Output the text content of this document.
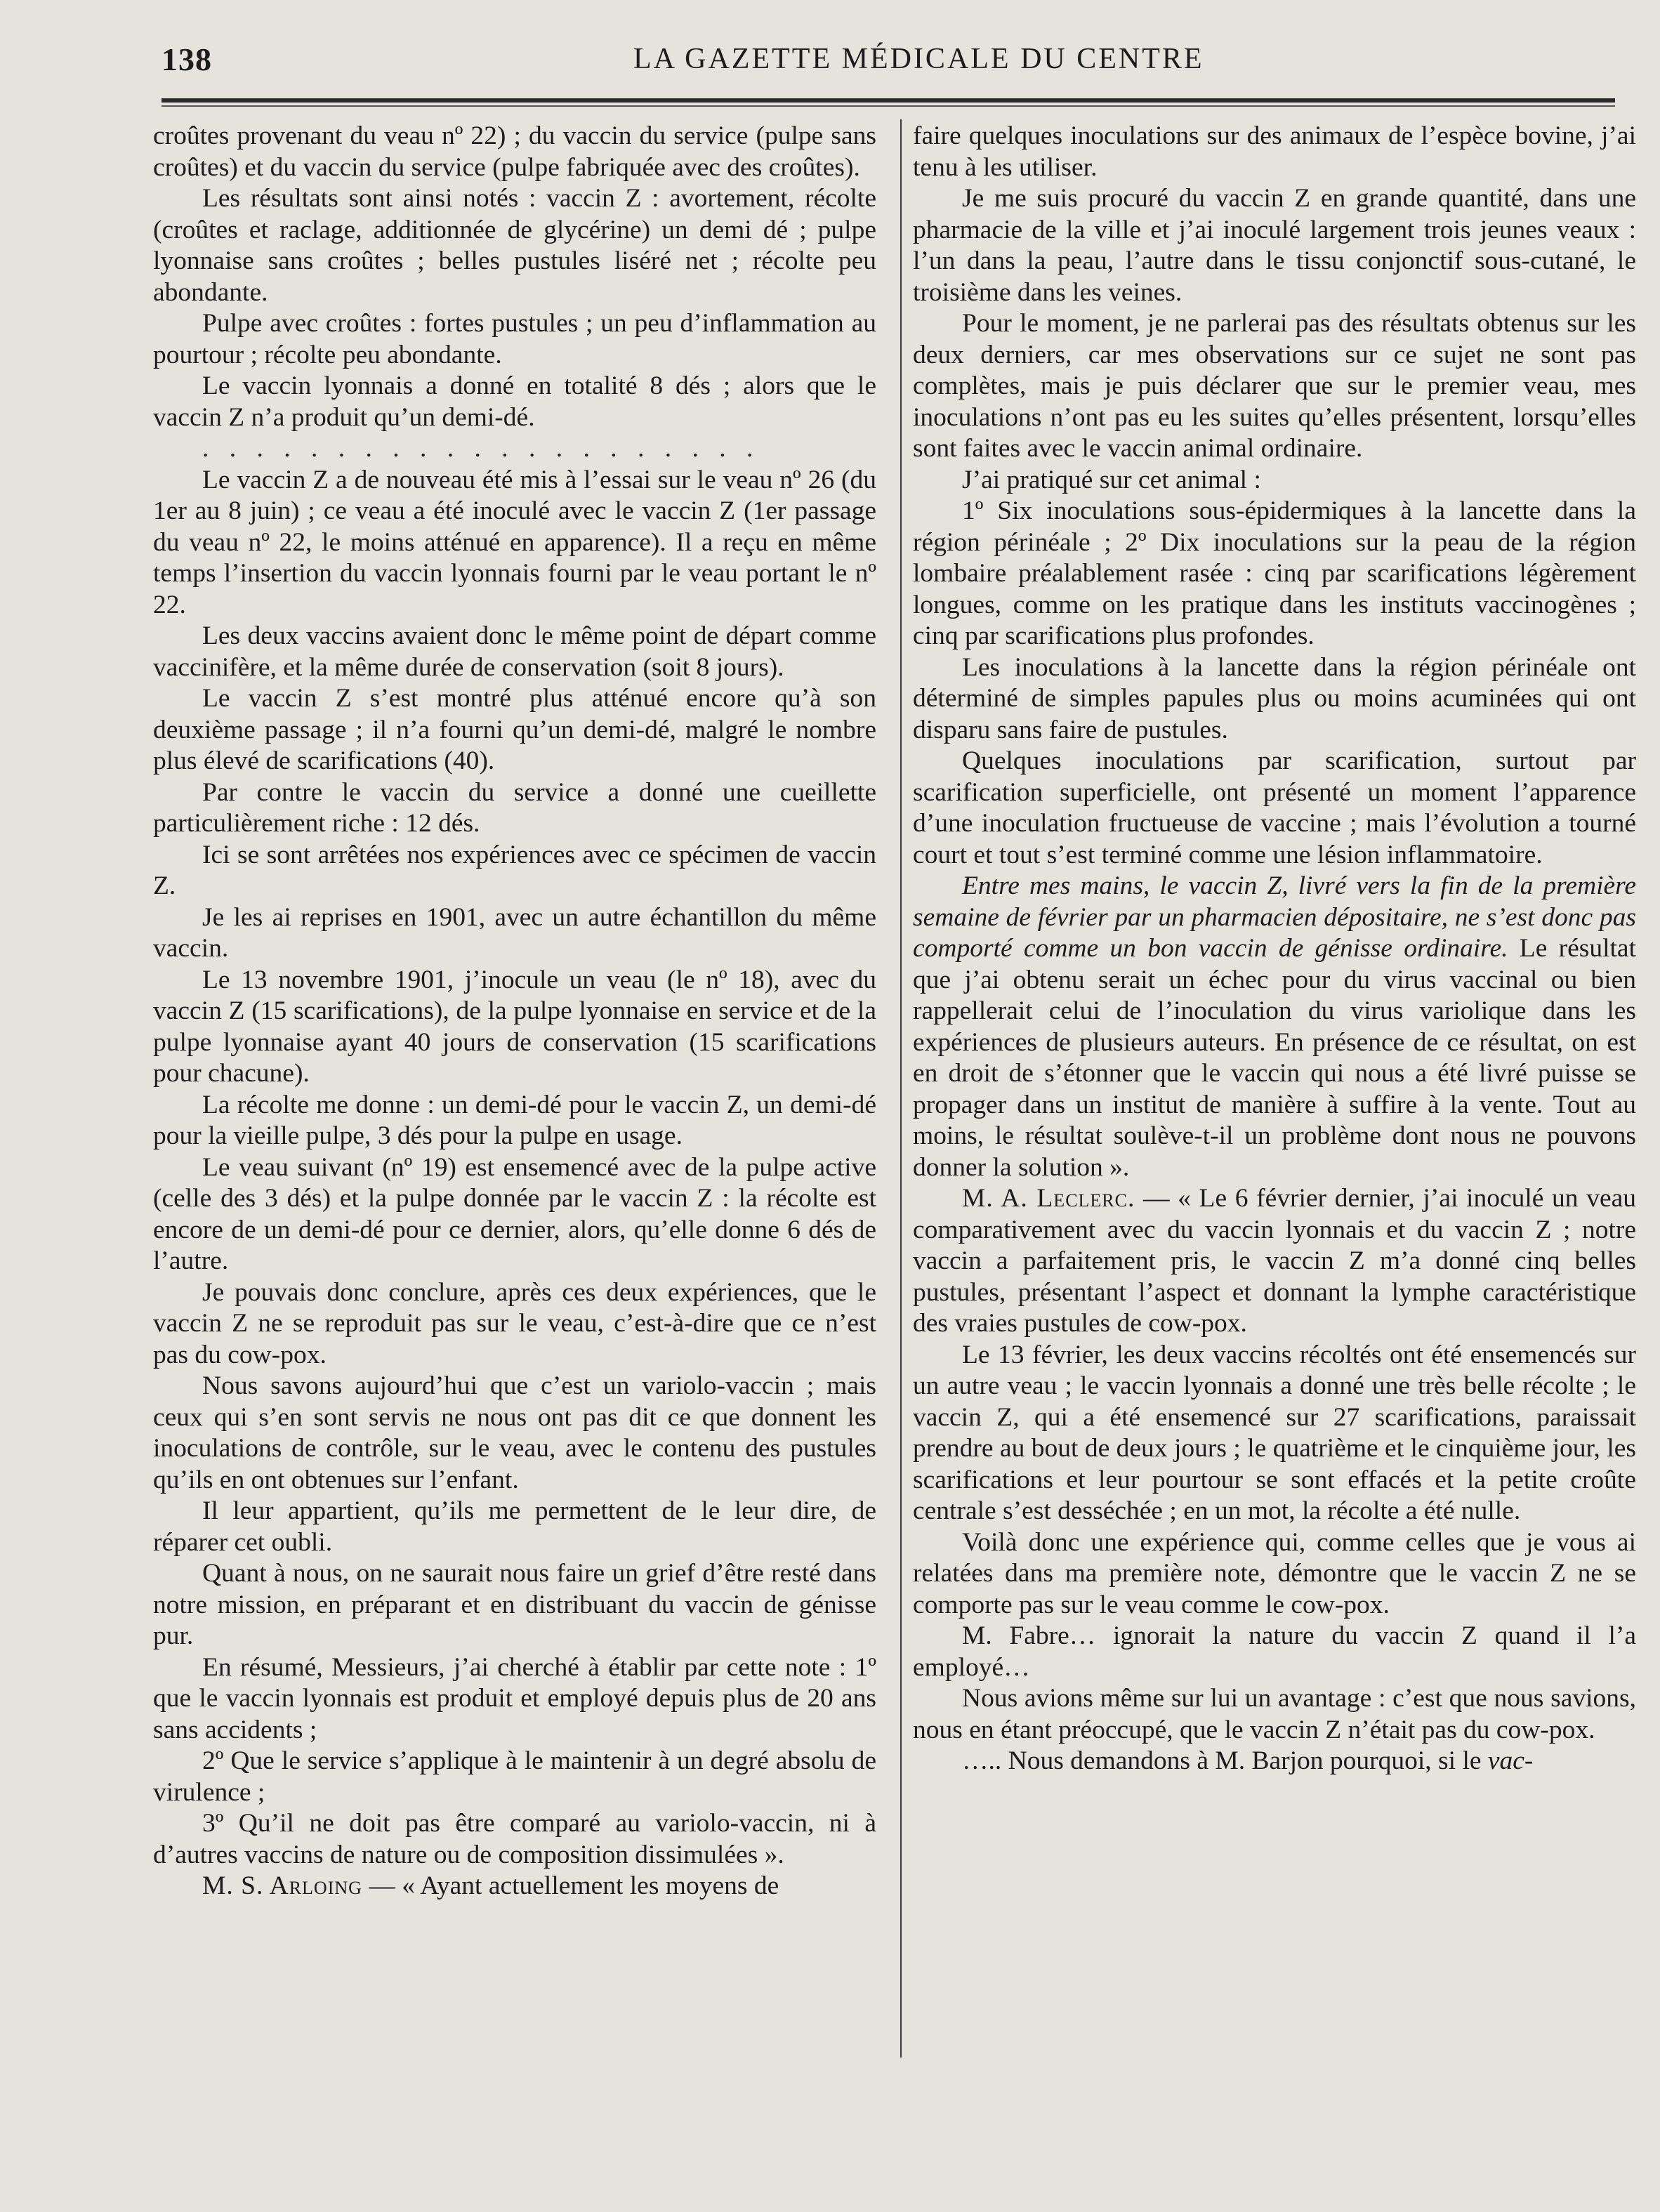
138	LA GAZETTE MÉDICALE DU CENTRE

croûtes provenant du veau nº 22) ; du vaccin du service (pulpe sans croûtes) et du vaccin du service (pulpe fabriquée avec des croûtes).

Les résultats sont ainsi notés : vaccin Z : avortement, récolte (croûtes et raclage, additionnée de glycérine) un demi dé ; pulpe lyonnaise sans croûtes ; belles pustules liséré net ; récolte peu abondante.

Pulpe avec croûtes : fortes pustules ; un peu d’inflammation au pourtour ; récolte peu abondante.

Le vaccin lyonnais a donné en totalité 8 dés ; alors que le vaccin Z n’a produit qu’un demi-dé.

. . . . . . . . . . . . . . . . . . . . .

Le vaccin Z a de nouveau été mis à l’essai sur le veau nº 26 (du 1er au 8 juin) ; ce veau a été inoculé avec le vaccin Z (1er passage du veau nº 22, le moins atténué en apparence). Il a reçu en même temps l’insertion du vaccin lyonnais fourni par le veau portant le nº 22.

Les deux vaccins avaient donc le même point de départ comme vaccinifère, et la même durée de conservation (soit 8 jours).

Le vaccin Z s’est montré plus atténué encore qu’à son deuxième passage ; il n’a fourni qu’un demi-dé, malgré le nombre plus élevé de scarifications (40).

Par contre le vaccin du service a donné une cueillette particulièrement riche : 12 dés.

Ici se sont arrêtées nos expériences avec ce spécimen de vaccin Z.

Je les ai reprises en 1901, avec un autre échantillon du même vaccin.

Le 13 novembre 1901, j’inocule un veau (le nº 18), avec du vaccin Z (15 scarifications), de la pulpe lyonnaise en service et de la pulpe lyonnaise ayant 40 jours de conservation (15 scarifications pour chacune).

La récolte me donne : un demi-dé pour le vaccin Z, un demi-dé pour la vieille pulpe, 3 dés pour la pulpe en usage.

Le veau suivant (nº 19) est ensemencé avec de la pulpe active (celle des 3 dés) et la pulpe donnée par le vaccin Z : la récolte est encore de un demi-dé pour ce dernier, alors, qu’elle donne 6 dés de l’autre.

Je pouvais donc conclure, après ces deux expériences, que le vaccin Z ne se reproduit pas sur le veau, c’est-à-dire que ce n’est pas du cow-pox.

Nous savons aujourd’hui que c’est un variolo-vaccin ; mais ceux qui s’en sont servis ne nous ont pas dit ce que donnent les inoculations de contrôle, sur le veau, avec le contenu des pustules qu’ils en ont obtenues sur l’enfant.

Il leur appartient, qu’ils me permettent de le leur dire, de réparer cet oubli.

Quant à nous, on ne saurait nous faire un grief d’être resté dans notre mission, en préparant et en distribuant du vaccin de génisse pur.

En résumé, Messieurs, j’ai cherché à établir par cette note : 1º que le vaccin lyonnais est produit et employé depuis plus de 20 ans sans accidents ;

2º Que le service s’applique à le maintenir à un degré absolu de virulence ;

3º Qu’il ne doit pas être comparé au variolo-vaccin, ni à d’autres vaccins de nature ou de composition dissimulées ».

M. S. Arloing — « Ayant actuellement les moyens de

faire quelques inoculations sur des animaux de l’espèce bovine, j’ai tenu à les utiliser.

Je me suis procuré du vaccin Z en grande quantité, dans une pharmacie de la ville et j’ai inoculé largement trois jeunes veaux : l’un dans la peau, l’autre dans le tissu conjonctif sous-cutané, le troisième dans les veines.

Pour le moment, je ne parlerai pas des résultats obtenus sur les deux derniers, car mes observations sur ce sujet ne sont pas complètes, mais je puis déclarer que sur le premier veau, mes inoculations n’ont pas eu les suites qu’elles présentent, lorsqu’elles sont faites avec le vaccin animal ordinaire.

J’ai pratiqué sur cet animal :

1º Six inoculations sous-épidermiques à la lancette dans la région périnéale ; 2º Dix inoculations sur la peau de la région lombaire préalablement rasée : cinq par scarifications légèrement longues, comme on les pratique dans les instituts vaccinogènes ; cinq par scarifications plus profondes.

Les inoculations à la lancette dans la région périnéale ont déterminé de simples papules plus ou moins acuminées qui ont disparu sans faire de pustules.

Quelques inoculations par scarification, surtout par scarification superficielle, ont présenté un moment l’apparence d’une inoculation fructueuse de vaccine ; mais l’évolution a tourné court et tout s’est terminé comme une lésion inflammatoire.

Entre mes mains, le vaccin Z, livré vers la fin de la première semaine de février par un pharmacien dépositaire, ne s’est donc pas comporté comme un bon vaccin de génisse ordinaire. Le résultat que j’ai obtenu serait un échec pour du virus vaccinal ou bien rappellerait celui de l’inoculation du virus variolique dans les expériences de plusieurs auteurs. En présence de ce résultat, on est en droit de s’étonner que le vaccin qui nous a été livré puisse se propager dans un institut de manière à suffire à la vente. Tout au moins, le résultat soulève-t-il un problème dont nous ne pouvons donner la solution ».

M. A. Leclerc. — « Le 6 février dernier, j’ai inoculé un veau comparativement avec du vaccin lyonnais et du vaccin Z ; notre vaccin a parfaitement pris, le vaccin Z m’a donné cinq belles pustules, présentant l’aspect et donnant la lymphe caractéristique des vraies pustules de cow-pox.

Le 13 février, les deux vaccins récoltés ont été ensemencés sur un autre veau ; le vaccin lyonnais a donné une très belle récolte ; le vaccin Z, qui a été ensemencé sur 27 scarifications, paraissait prendre au bout de deux jours ; le quatrième et le cinquième jour, les scarifications et leur pourtour se sont effacés et la petite croûte centrale s’est desséchée ; en un mot, la récolte a été nulle.

Voilà donc une expérience qui, comme celles que je vous ai relatées dans ma première note, démontre que le vaccin Z ne se comporte pas sur le veau comme le cow-pox.

M. Fabre… ignorait la nature du vaccin Z quand il l’a employé…

Nous avions même sur lui un avantage : c’est que nous savions, nous en étant préoccupé, que le vaccin Z n’était pas du cow-pox.

….. Nous demandons à M. Barjon pourquoi, si le vac-
